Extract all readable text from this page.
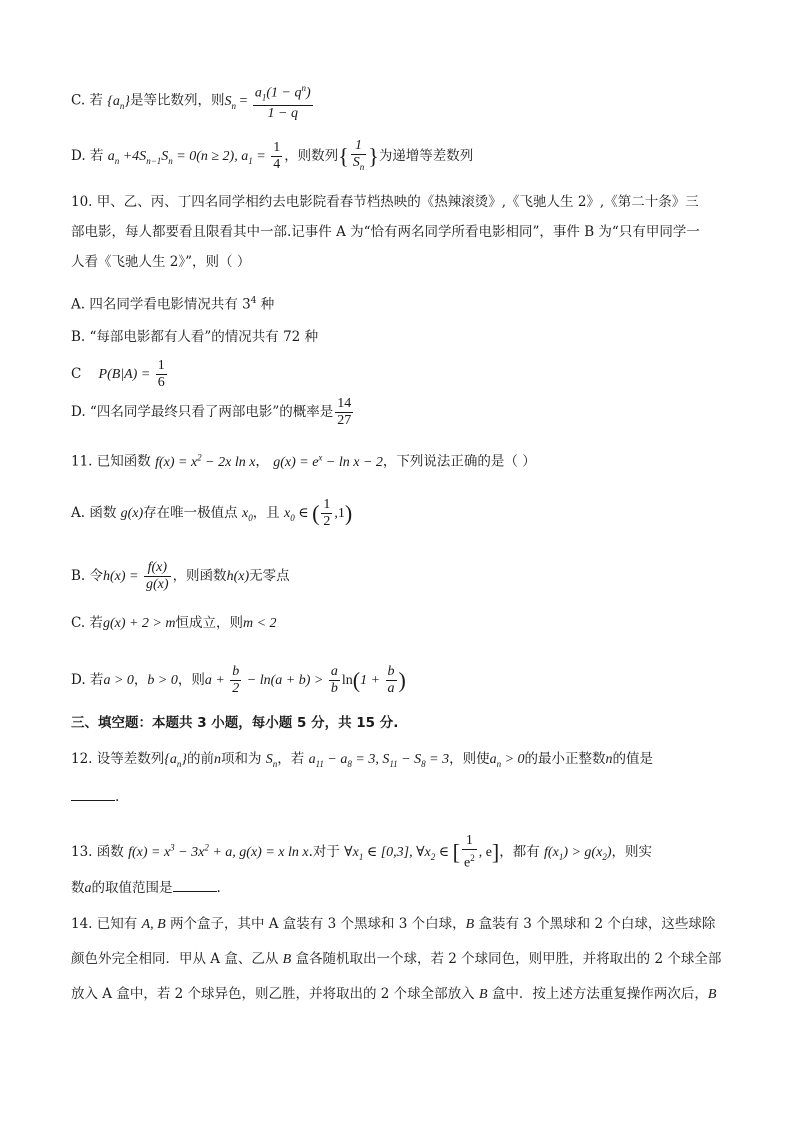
C. 若 $\{a_n\}$是等比数列，则$S_n = \frac{a_1(1 - q^n)}{1 - q}$
D. 若 $a_n +4S_{n-1}S_n = 0(n \ge 2)$, $a_1 = \frac{1}{4}$ ，则数列{ $\frac{1}{S_n}$ }为递增等差数列
10. 甲、乙、丙、丁四名同学相约去电影院看春节档热映的《热辣滚烫》,《飞驰人生 2》,《第二十条》三
部电影，每人都要看且限看其中一部.记事件 A 为“恰有两名同学所看电影相同”，事件 B 为“只有甲同学一
人看《飞驰人生 2》”，则（ ）
A. 四名同学看电影情况共有 $3^4$ 种
B. “每部电影都有人看”的情况共有 72 种
C $P(B|A) = \frac{1}{6}$
D. “四名同学最终只看了两部电影”的概率是 $\frac{14}{27}$
11. 已知函数 $f(x) = x^2 - 2x$ ln x， $g(x) = e^x - \ln x - 2$，下列说法正确的是（ ）
A. 函数 g(x)存在唯一极值点 $x_0$，且 $x_0$ ∈ ( $\frac{1}{2} ,1$)
B. 令$h(x) = \frac{f(x)}{g(x)}$ ，则函数h(x)无零点
C. 若g(x) + 2 > m恒成立，则m < 2
D. 若a > 0，b > 0，则$a + \frac{b}{2} - \ln(a + b) > \frac{a}{b} \ln(1 + \frac{b}{a}$ )
三、填空题：本题共 3 小题，每小题 5 分，共 15 分.
12. 设等差数列$\{a_n\}$的前n项和为 $S_n$，若 $a_{11} - a_8 = 3$, $S_{11} - S_8 = 3$，则使$a_n > 0$的最小正整数n的值是
.
13. 函数 $f(x) = x^3 - 3x^2 + a$, g(x) = x ln x.对于 $\forall x_1$ ∈ [0,3], $\forall x_2$ ∈ [ $\frac{1}{e^2}$ , e]，都有 $f(x_1) > g(x_2)$，则实
数a的取值范围是	.
14. 已知有 A, B 两个盒子，其中 A 盒装有 3 个黑球和 3 个白球，B 盒装有 3 个黑球和 2 个白球，这些球除
颜色外完全相同．甲从 A 盒、乙从 B 盒各随机取出一个球，若 2 个球同色，则甲胜，并将取出的 2 个球全部
放入 A 盒中，若 2 个球异色，则乙胜，并将取出的 2 个球全部放入 B 盒中．按上述方法重复操作两次后，B
